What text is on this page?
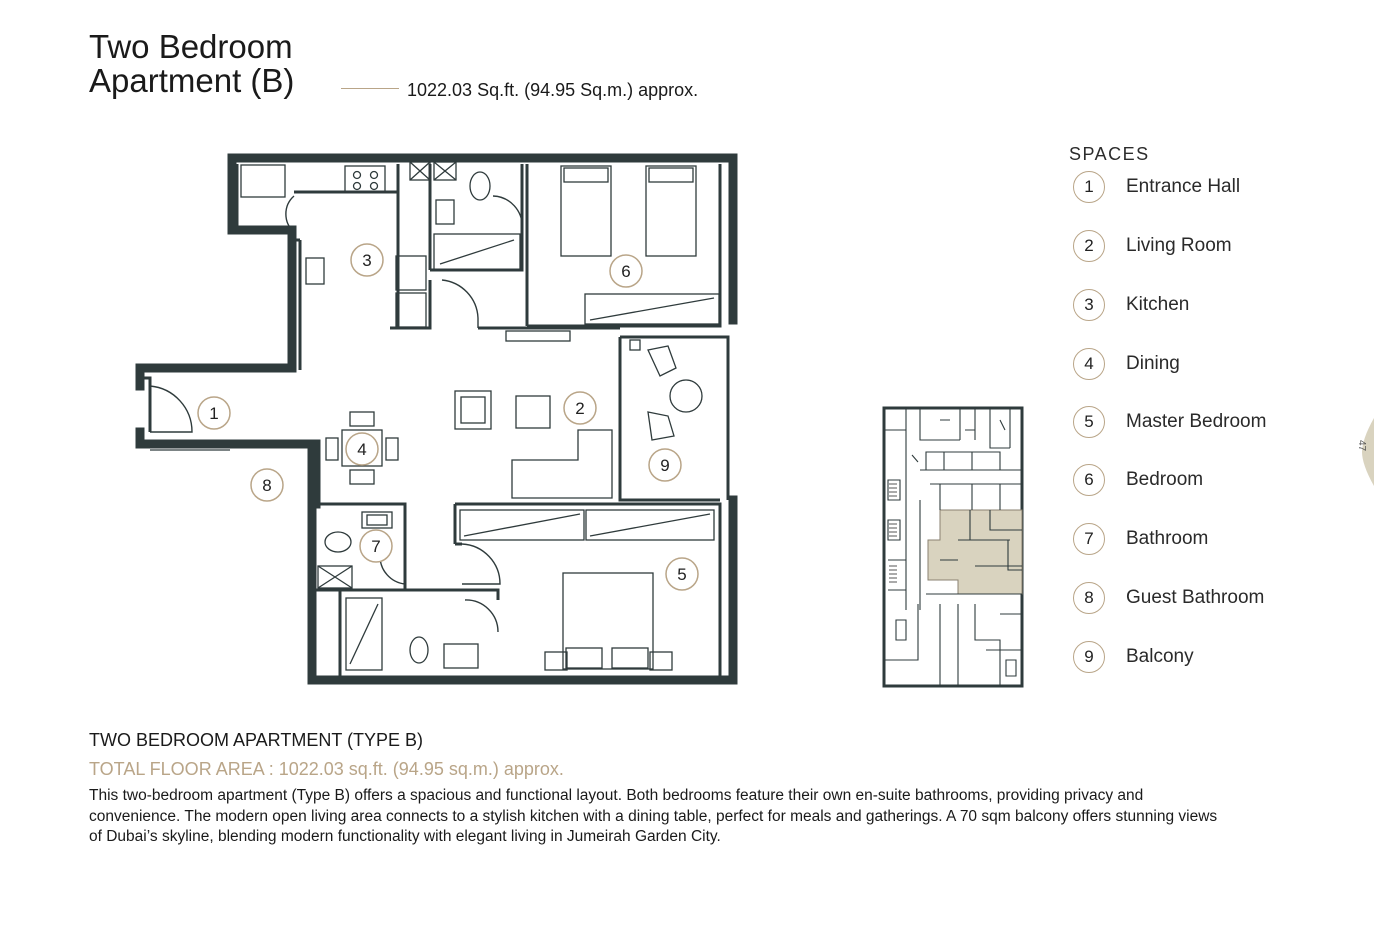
Two Bedroom
Apartment (B)	1022.03 Sq.ft. (94.95 Sq.m.) approx.
1	2
3
4
5
6
7
8
9
SPACES
1	Entrance Hall
2	Living Room
3	Kitchen
4	Dining
5	Master Bedroom
6	Bedroom
7	Bathroom
8	Guest Bathroom
9	Balcony
47
TWO BEDROOM APARTMENT (TYPE B)
TOTAL FLOOR AREA : 1022.03 sq.ft. (94.95 sq.m.) approx.
This two-bedroom apartment (Type B) offers a spacious and functional layout. Both bedrooms feature their own en-suite bathrooms, providing privacy and convenience. The modern open living area connects to a stylish kitchen with a dining table, perfect for meals and gatherings. A 70 sqm balcony offers stunning views of Dubai’s skyline, blending modern functionality with elegant living in Jumeirah Garden City.
